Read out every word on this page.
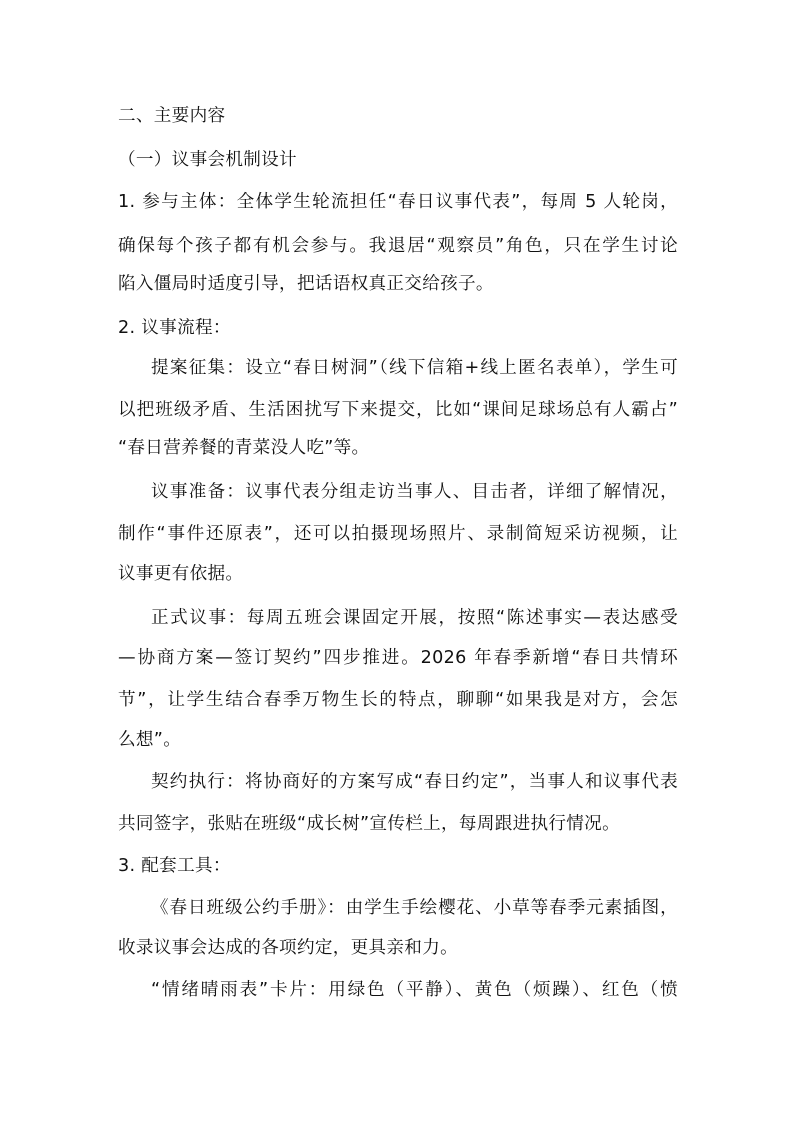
二、主要内容
（一）议事会机制设计
1. 参与主体：全体学生轮流担任“春日议事代表”，每周 5 人轮岗，
确保每个孩子都有机会参与。我退居“观察员”角色，只在学生讨论
陷入僵局时适度引导，把话语权真正交给孩子。
2. 议事流程：
提案征集：设立“春日树洞”（线下信箱+线上匿名表单），学生可
以把班级矛盾、生活困扰写下来提交，比如“课间足球场总有人霸占”
“春日营养餐的青菜没人吃”等。
议事准备：议事代表分组走访当事人、目击者，详细了解情况，
制作“事件还原表”，还可以拍摄现场照片、录制简短采访视频，让
议事更有依据。
正式议事：每周五班会课固定开展，按照“陈述事实—表达感受
—协商方案—签订契约”四步推进。2026 年春季新增“春日共情环
节”，让学生结合春季万物生长的特点，聊聊“如果我是对方，会怎
么想”。
契约执行：将协商好的方案写成“春日约定”，当事人和议事代表
共同签字，张贴在班级“成长树”宣传栏上，每周跟进执行情况。
3. 配套工具：
《春日班级公约手册》：由学生手绘樱花、小草等春季元素插图，
收录议事会达成的各项约定，更具亲和力。
“情绪晴雨表”卡片：用绿色（平静）、黄色（烦躁）、红色（愤
